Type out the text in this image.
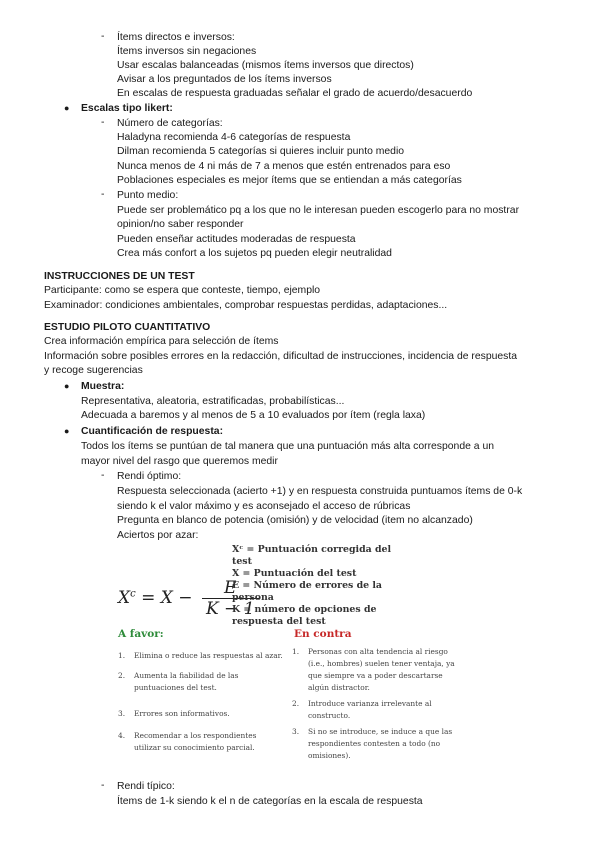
- Ítems directos e inversos:
Ítems inversos sin negaciones
Usar escalas balanceadas (mismos ítems inversos que directos)
Avisar a los preguntados de los ítems inversos
En escalas de respuesta graduadas señalar el grado de acuerdo/desacuerdo
● Escalas tipo likert:
- Número de categorías:
Haladyna recomienda 4-6 categorías de respuesta
Dilman recomienda 5 categorías si quieres incluir punto medio
Nunca menos de 4 ni más de 7 a menos que estén entrenados para eso
Poblaciones especiales es mejor ítems que se entiendan a más categorías
- Punto medio:
Puede ser problemático pq a los que no le interesan pueden escogerlo para no mostrar
opinion/no saber responder
Pueden enseñar actitudes moderadas de respuesta
Crea más confort a los sujetos pq pueden elegir neutralidad
INSTRUCCIONES DE UN TEST
Participante: como se espera que conteste, tiempo, ejemplo
Examinador: condiciones ambientales, comprobar respuestas perdidas, adaptaciones...
ESTUDIO PILOTO CUANTITATIVO
Crea información empírica para selección de ítems
Información sobre posibles errores en la redacción, dificultad de instrucciones, incidencia de respuesta
y recoge sugerencias
● Muestra:
Representativa, aleatoria, estratificadas, probabilísticas...
Adecuada a baremos y al menos de 5 a 10 evaluados por ítem (regla laxa)
● Cuantificación de respuesta:
Todos los ítems se puntúan de tal manera que una puntuación más alta corresponde a un
mayor nivel del rasgo que queremos medir
- Rendi óptimo:
Respuesta seleccionada (acierto +1) y en respuesta construida puntuamos ítems de 0-k
siendo k el valor máximo y es aconsejado el acceso de rúbricas
Pregunta en blanco de potencia (omisión) y de velocidad (item no alcanzado)
Aciertos por azar:
$X^c = X - \frac{E}{K - 1}$
Xᶜ = Puntuación corregida del
test
X = Puntuación del test
E = Número de errores de la
persona
K = número de opciones de
respuesta del test
A favor:	En contra
1. Elimina o reduce las respuestas al azar.
2. Aumenta la fiabilidad de las
puntuaciones del test.
3. Errores son informativos.
4. Recomendar a los respondientes
utilizar su conocimiento parcial.
1. Personas con alta tendencia al riesgo
(i.e., hombres) suelen tener ventaja, ya
que siempre va a poder descartarse
algún distractor.
2. Introduce varianza irrelevante al
constructo.
3. Si no se introduce, se induce a que las
respondientes contesten a todo (no
omisiones).
- Rendi típico:
Ítems de 1-k siendo k el n de categorías en la escala de respuesta
